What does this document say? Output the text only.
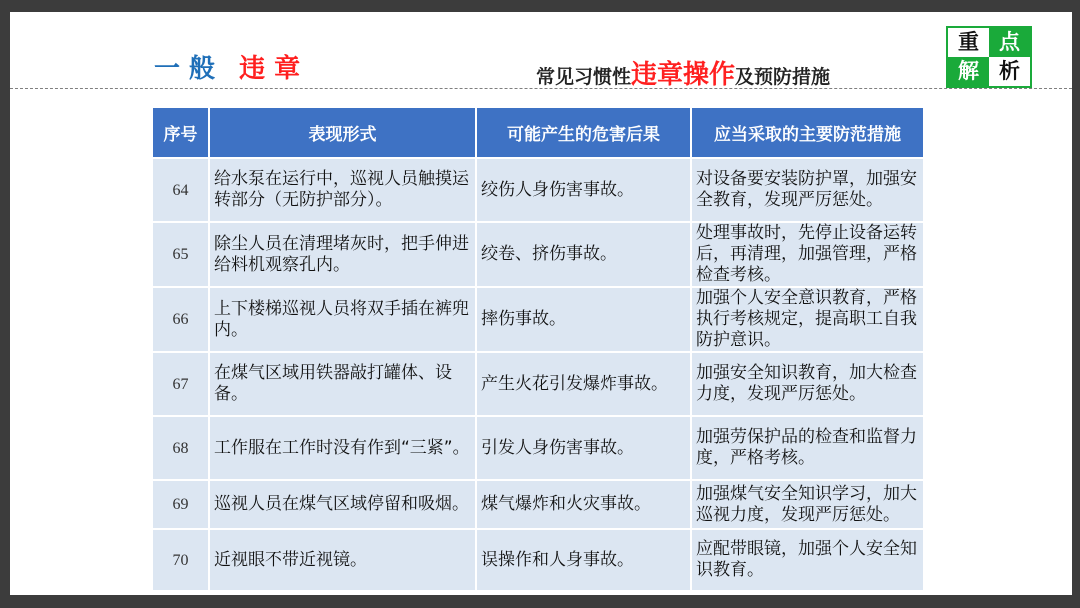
一 般 违 章	常见习惯性违章操作及预防措施
重 点
解 析
序号	表现形式	可能产生的危害后果	应当采取的主要防范措施
64	给水泵在运行中，巡视人员触摸运转部分（无防护部分）。	绞伤人身伤害事故。	对设备要安装防护罩，加强安全教育，发现严厉惩处。
65	除尘人员在清理堵灰时，把手伸进给料机观察孔内。	绞卷、挤伤事故。	处理事故时，先停止设备运转后，再清理，加强管理，严格检查考核。
66	上下楼梯巡视人员将双手插在裤兜内。	摔伤事故。	加强个人安全意识教育，严格执行考核规定，提高职工自我防护意识。
67	在煤气区域用铁器敲打罐体、设备。	产生火花引发爆炸事故。	加强安全知识教育，加大检查力度，发现严厉惩处。
68	工作服在工作时没有作到“三紧”。	引发人身伤害事故。	加强劳保护品的检查和监督力度，严格考核。
69	巡视人员在煤气区域停留和吸烟。	煤气爆炸和火灾事故。	加强煤气安全知识学习，加大巡视力度，发现严厉惩处。
70	近视眼不带近视镜。	误操作和人身事故。	应配带眼镜，加强个人安全知识教育。
